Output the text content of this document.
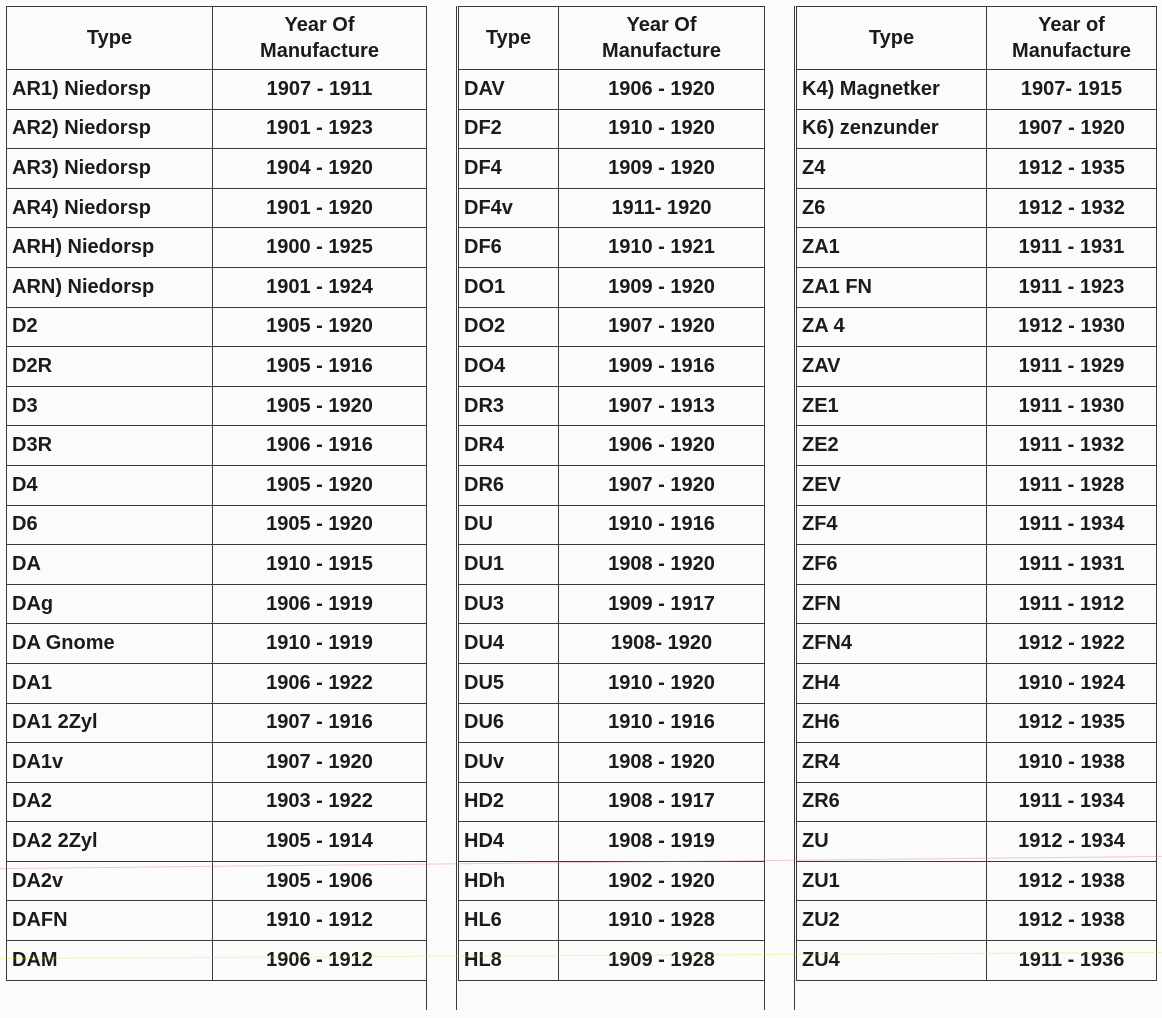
Type	Year Of
Manufacture
AR1) Niedorsp	1907 - 1911
AR2) Niedorsp	1901 - 1923
AR3) Niedorsp	1904 - 1920
AR4) Niedorsp	1901 - 1920
ARH) Niedorsp	1900 - 1925
ARN) Niedorsp	1901 - 1924
D2	1905 - 1920
D2R	1905 - 1916
D3	1905 - 1920
D3R	1906 - 1916
D4	1905 - 1920
D6	1905 - 1920
DA	1910 - 1915
DAg	1906 - 1919
DA Gnome	1910 - 1919
DA1	1906 - 1922
DA1 2Zyl	1907 - 1916
DA1v	1907 - 1920
DA2	1903 - 1922
DA2 2Zyl	1905 - 1914
DA2v	1905 - 1906
DAFN	1910 - 1912
DAM	1906 - 1912
Type	Year Of
Manufacture
DAV	1906 - 1920
DF2	1910 - 1920
DF4	1909 - 1920
DF4v	1911- 1920
DF6	1910 - 1921
DO1	1909 - 1920
DO2	1907 - 1920
DO4	1909 - 1916
DR3	1907 - 1913
DR4	1906 - 1920
DR6	1907 - 1920
DU	1910 - 1916
DU1	1908 - 1920
DU3	1909 - 1917
DU4	1908- 1920
DU5	1910 - 1920
DU6	1910 - 1916
DUv	1908 - 1920
HD2	1908 - 1917
HD4	1908 - 1919
HDh	1902 - 1920
HL6	1910 - 1928
HL8	1909 - 1928
Type	Year of
Manufacture
K4) Magnetker	1907- 1915
K6) zenzunder	1907 - 1920
Z4	1912 - 1935
Z6	1912 - 1932
ZA1	1911 - 1931
ZA1 FN	1911 - 1923
ZA 4	1912 - 1930
ZAV	1911 - 1929
ZE1	1911 - 1930
ZE2	1911 - 1932
ZEV	1911 - 1928
ZF4	1911 - 1934
ZF6	1911 - 1931
ZFN	1911 - 1912
ZFN4	1912 - 1922
ZH4	1910 - 1924
ZH6	1912 - 1935
ZR4	1910 - 1938
ZR6	1911 - 1934
ZU	1912 - 1934
ZU1	1912 - 1938
ZU2	1912 - 1938
ZU4	1911 - 1936
